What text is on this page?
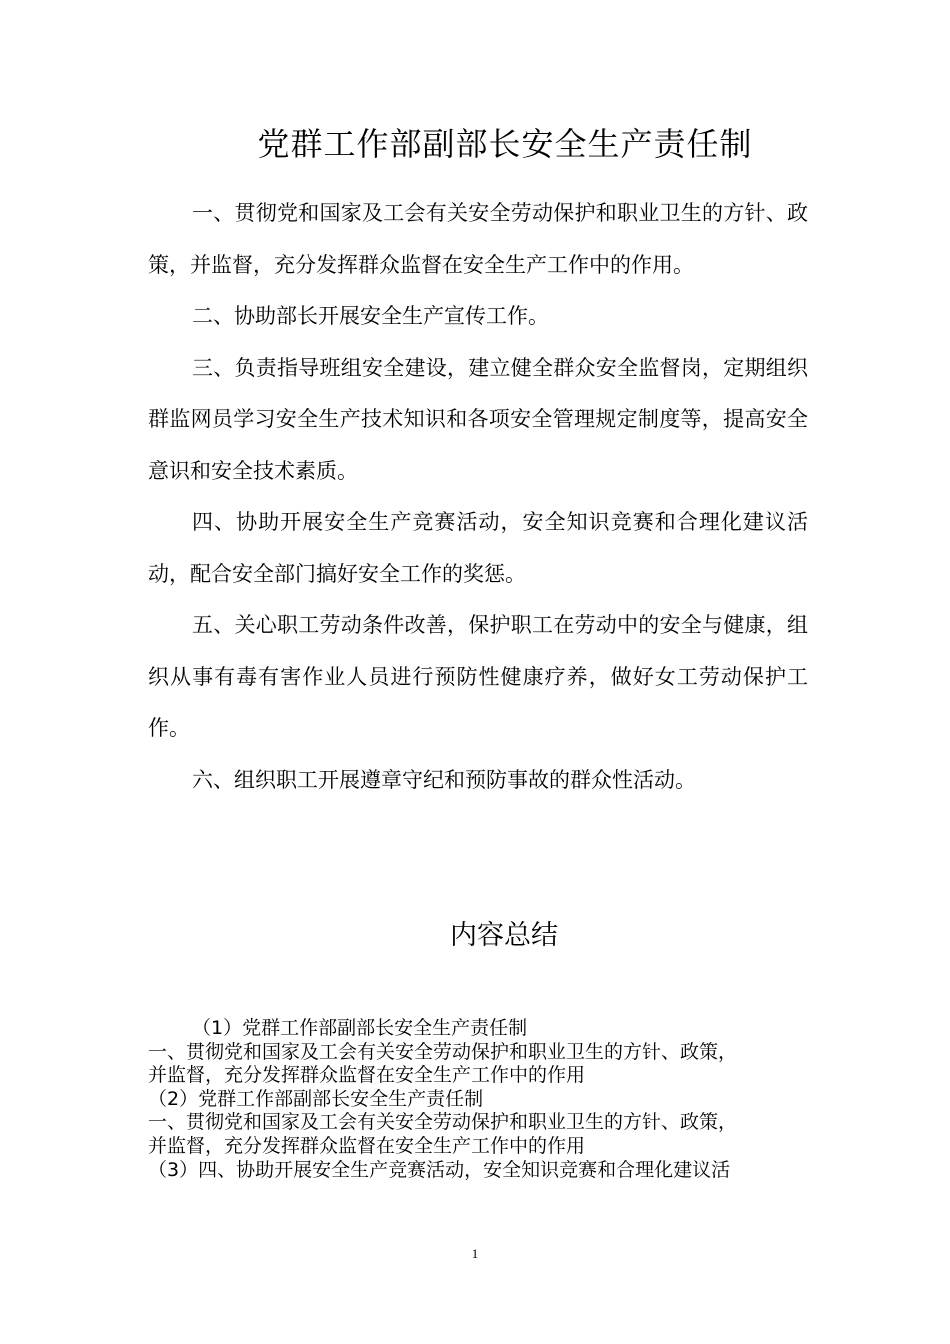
党群工作部副部长安全生产责任制

一、贯彻党和国家及工会有关安全劳动保护和职业卫生的方针、政策，并监督，充分发挥群众监督在安全生产工作中的作用。

二、协助部长开展安全生产宣传工作。

三、负责指导班组安全建设，建立健全群众安全监督岗，定期组织群监网员学习安全生产技术知识和各项安全管理规定制度等，提高安全意识和安全技术素质。

四、协助开展安全生产竞赛活动，安全知识竞赛和合理化建议活动，配合安全部门搞好安全工作的奖惩。

五、关心职工劳动条件改善，保护职工在劳动中的安全与健康，组织从事有毒有害作业人员进行预防性健康疗养，做好女工劳动保护工作。

六、组织职工开展遵章守纪和预防事故的群众性活动。

内容总结

（1）党群工作部副部长安全生产责任制

一、贯彻党和国家及工会有关安全劳动保护和职业卫生的方针、政策，

并监督，充分发挥群众监督在安全生产工作中的作用

（2）党群工作部副部长安全生产责任制

一、贯彻党和国家及工会有关安全劳动保护和职业卫生的方针、政策，

并监督，充分发挥群众监督在安全生产工作中的作用

（3）四、协助开展安全生产竞赛活动，安全知识竞赛和合理化建议活

1
